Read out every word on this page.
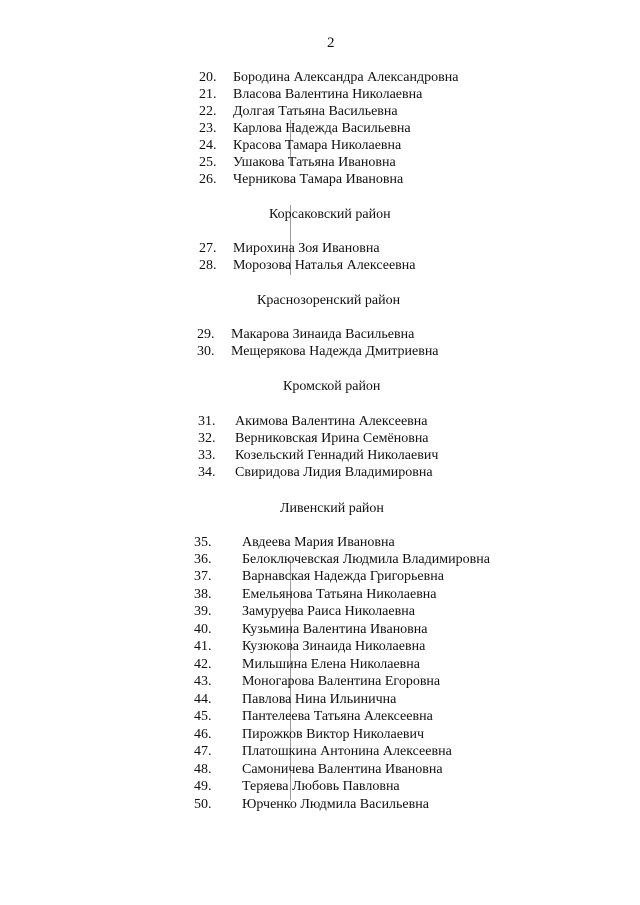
2
20. Бородина Александра Александровна
21. Власова Валентина Николаевна
22. Долгая Татьяна Васильевна
23. Карлова Надежда Васильевна
24. Красова Тамара Николаевна
25. Ушакова Татьяна Ивановна
26. Черникова Тамара Ивановна
Корсаковский район
27. Мирохина Зоя Ивановна
28. Морозова Наталья Алексеевна
Краснозоренский район
29. Макарова Зинаида Васильевна
30. Мещерякова Надежда Дмитриевна
Кромской район
31. Акимова Валентина Алексеевна
32. Верниковская Ирина Семёновна
33. Козельский Геннадий Николаевич
34. Свиридова Лидия Владимировна
Ливенский район
35. Авдеева Мария Ивановна
36. Белоключевская Людмила Владимировна
37. Варнавская Надежда Григорьевна
38. Емельянова Татьяна Николаевна
39. Замуруева Раиса Николаевна
40. Кузьмина Валентина Ивановна
41. Кузюкова Зинаида Николаевна
42. Мильшина Елена Николаевна
43. Моногарова Валентина Егоровна
44. Павлова Нина Ильинична
45. Пантелеева Татьяна Алексеевна
46. Пирожков Виктор Николаевич
47. Платошкина Антонина Алексеевна
48. Самоничева Валентина Ивановна
49. Теряева Любовь Павловна
50. Юрченко Людмила Васильевна
